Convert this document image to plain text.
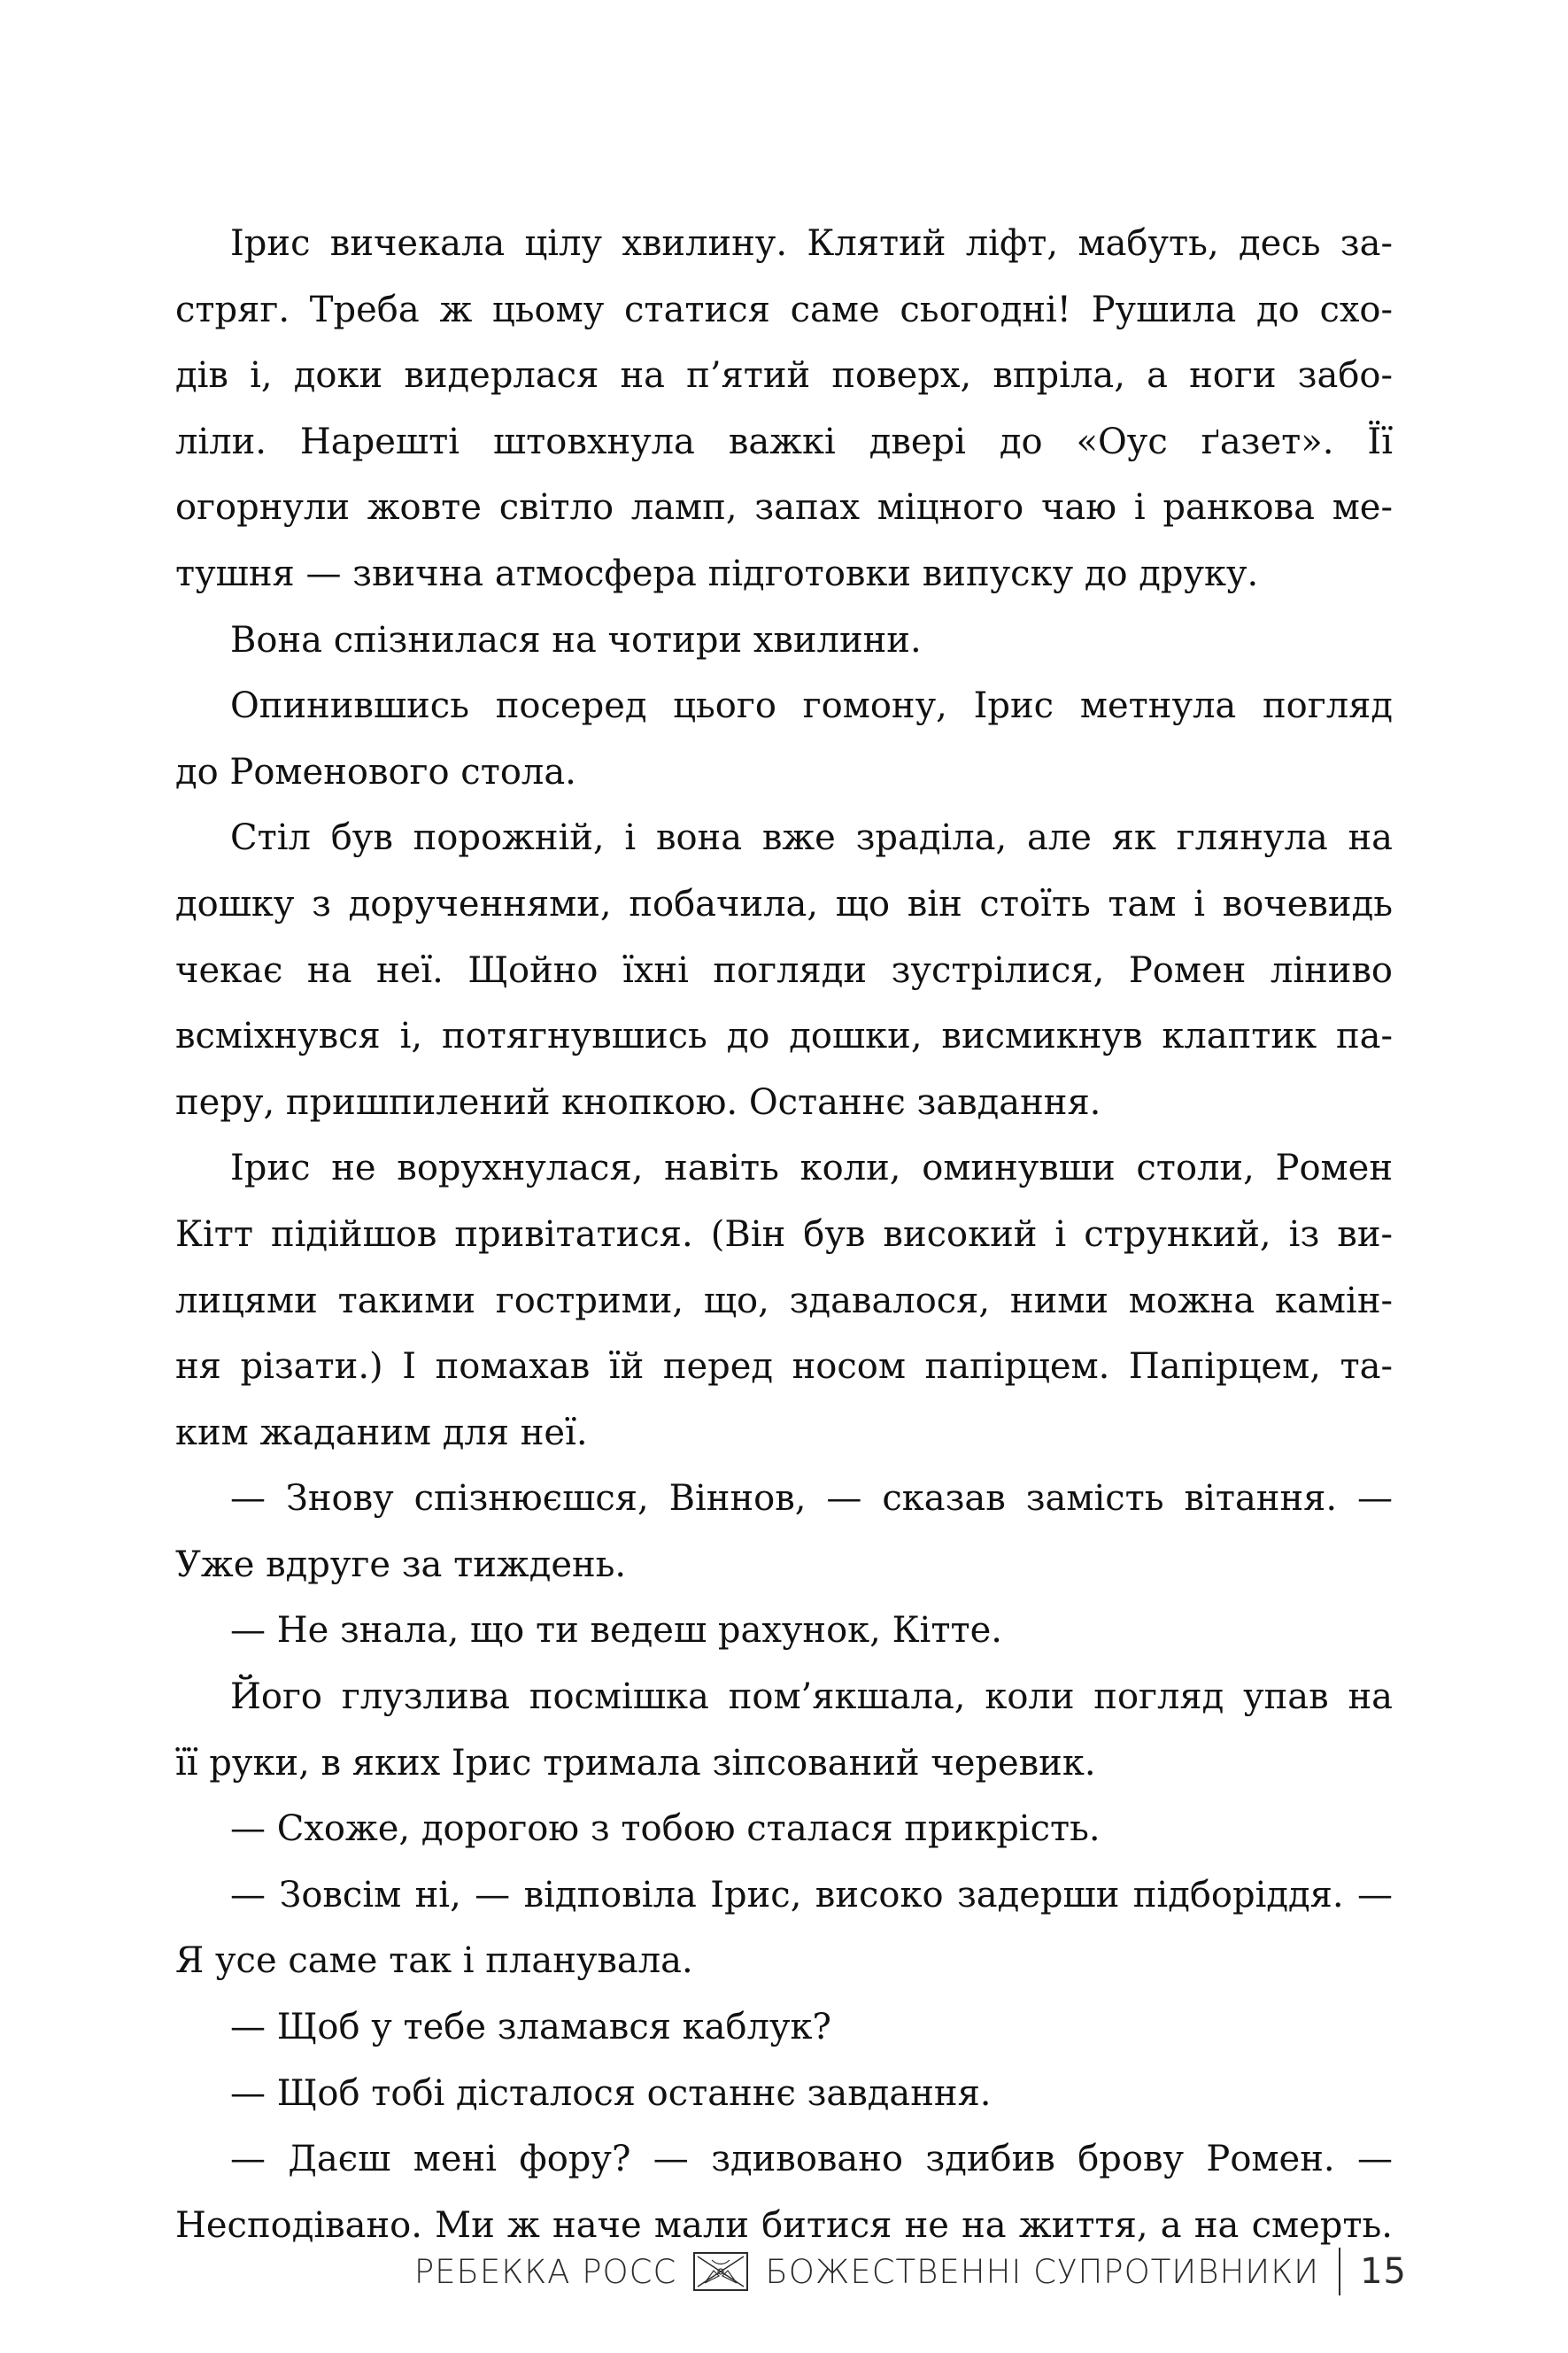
Ірис вичекала цілу хвилину. Клятий ліфт, мабуть, десь за-
стряг. Треба ж цьому статися саме сьогодні! Рушила до схо-
дів і, доки видерлася на п’ятий поверх, впріла, а ноги забо-
ліли. Нарешті штовхнула важкі двері до «Оус ґазет». Її
огорнули жовте світло ламп, запах міцного чаю і ранкова ме-
тушня — звична атмосфера підготовки випуску до друку.
Вона спізнилася на чотири хвилини.
Опинившись посеред цього гомону, Ірис метнула погляд
до Роменового стола.
Стіл був порожній, і вона вже зраділа, але як глянула на
дошку з дорученнями, побачила, що він стоїть там і вочевидь
чекає на неї. Щойно їхні погляди зустрілися, Ромен ліниво
всміхнувся і, потягнувшись до дошки, висмикнув клаптик па-
перу, пришпилений кнопкою. Останнє завдання.
Ірис не ворухнулася, навіть коли, оминувши столи, Ромен
Кітт підійшов привітатися. (Він був високий і стрункий, із ви-
лицями такими гострими, що, здавалося, ними можна камін-
ня різати.) І помахав їй перед носом папірцем. Папірцем, та-
ким жаданим для неї.
— Знову спізнюєшся, Віннов, — сказав замість вітання. —
Уже вдруге за тиждень.
— Не знала, що ти ведеш рахунок, Кітте.
Його глузлива посмішка пом’якшала, коли погляд упав на
її руки, в яких Ірис тримала зіпсований черевик.
— Схоже, дорогою з тобою сталася прикрість.
— Зовсім ні, — відповіла Ірис, високо задерши підборіддя. —
Я усе саме так і планувала.
— Щоб у тебе зламався каблук?
— Щоб тобі дісталося останнє завдання.
— Даєш мені фору? — здивовано здибив брову Ромен. —
Несподівано. Ми ж наче мали битися не на життя, а на смерть.
РЕБЕККА РОСС	БОЖЕСТВЕННІ СУПРОТИВНИКИ 15
